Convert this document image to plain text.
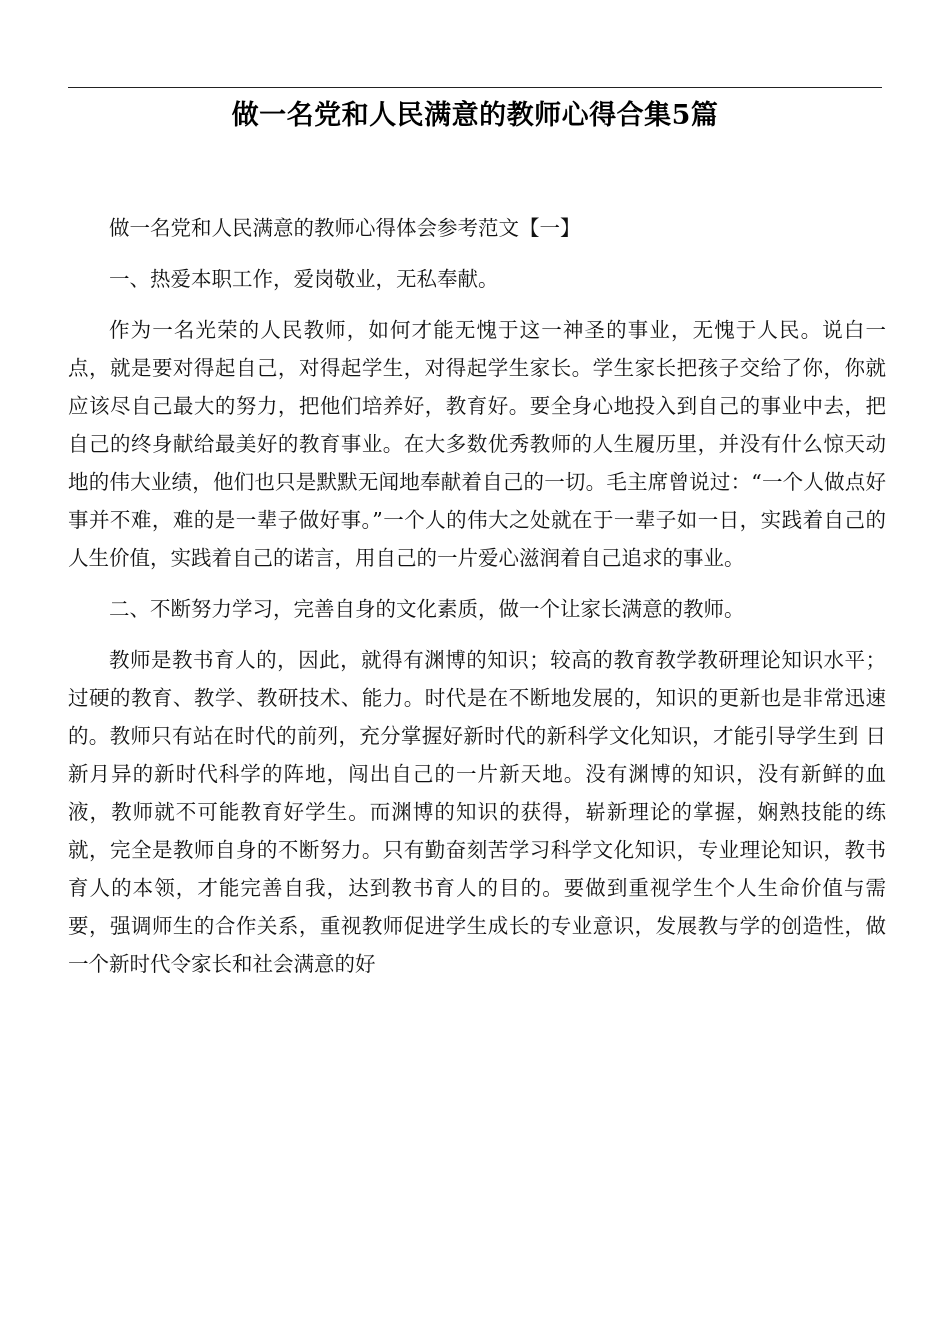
做一名党和人民满意的教师心得合集5篇

做一名党和人民满意的教师心得体会参考范文【一】

一、热爱本职工作，爱岗敬业，无私奉献。

作为一名光荣的人民教师，如何才能无愧于这一神圣的事业，无愧于人民。说白一点，就是要对得起自己，对得起学生，对得起学生家长。学生家长把孩子交给了你，你就应该尽自己最大的努力，把他们培养好，教育好。要全身心地投入到自己的事业中去，把自己的终身献给最美好的教育事业。在大多数优秀教师的人生履历里，并没有什么惊天动地的伟大业绩，他们也只是默默无闻地奉献着自己的一切。毛主席曾说过：“一个人做点好事并不难，难的是一辈子做好事。”一个人的伟大之处就在于一辈子如一日，实践着自己的人生价值，实践着自己的诺言，用自己的一片爱心滋润着自己追求的事业。

二、不断努力学习，完善自身的文化素质，做一个让家长满意的教师。

教师是教书育人的，因此，就得有渊博的知识；较高的教育教学教研理论知识水平；过硬的教育、教学、教研技术、能力。时代是在不断地发展的，知识的更新也是非常迅速的。教师只有站在时代的前列，充分掌握好新时代的新科学文化知识，才能引导学生到 日新月异的新时代科学的阵地，闯出自己的一片新天地。没有渊博的知识，没有新鲜的血液，教师就不可能教育好学生。而渊博的知识的获得，崭新理论的掌握，娴熟技能的练就，完全是教师自身的不断努力。只有勤奋刻苦学习科学文化知识，专业理论知识，教书育人的本领，才能完善自我，达到教书育人的目的。要做到重视学生个人生命价值与需要，强调师生的合作关系，重视教师促进学生成长的专业意识，发展教与学的创造性，做一个新时代令家长和社会满意的好
